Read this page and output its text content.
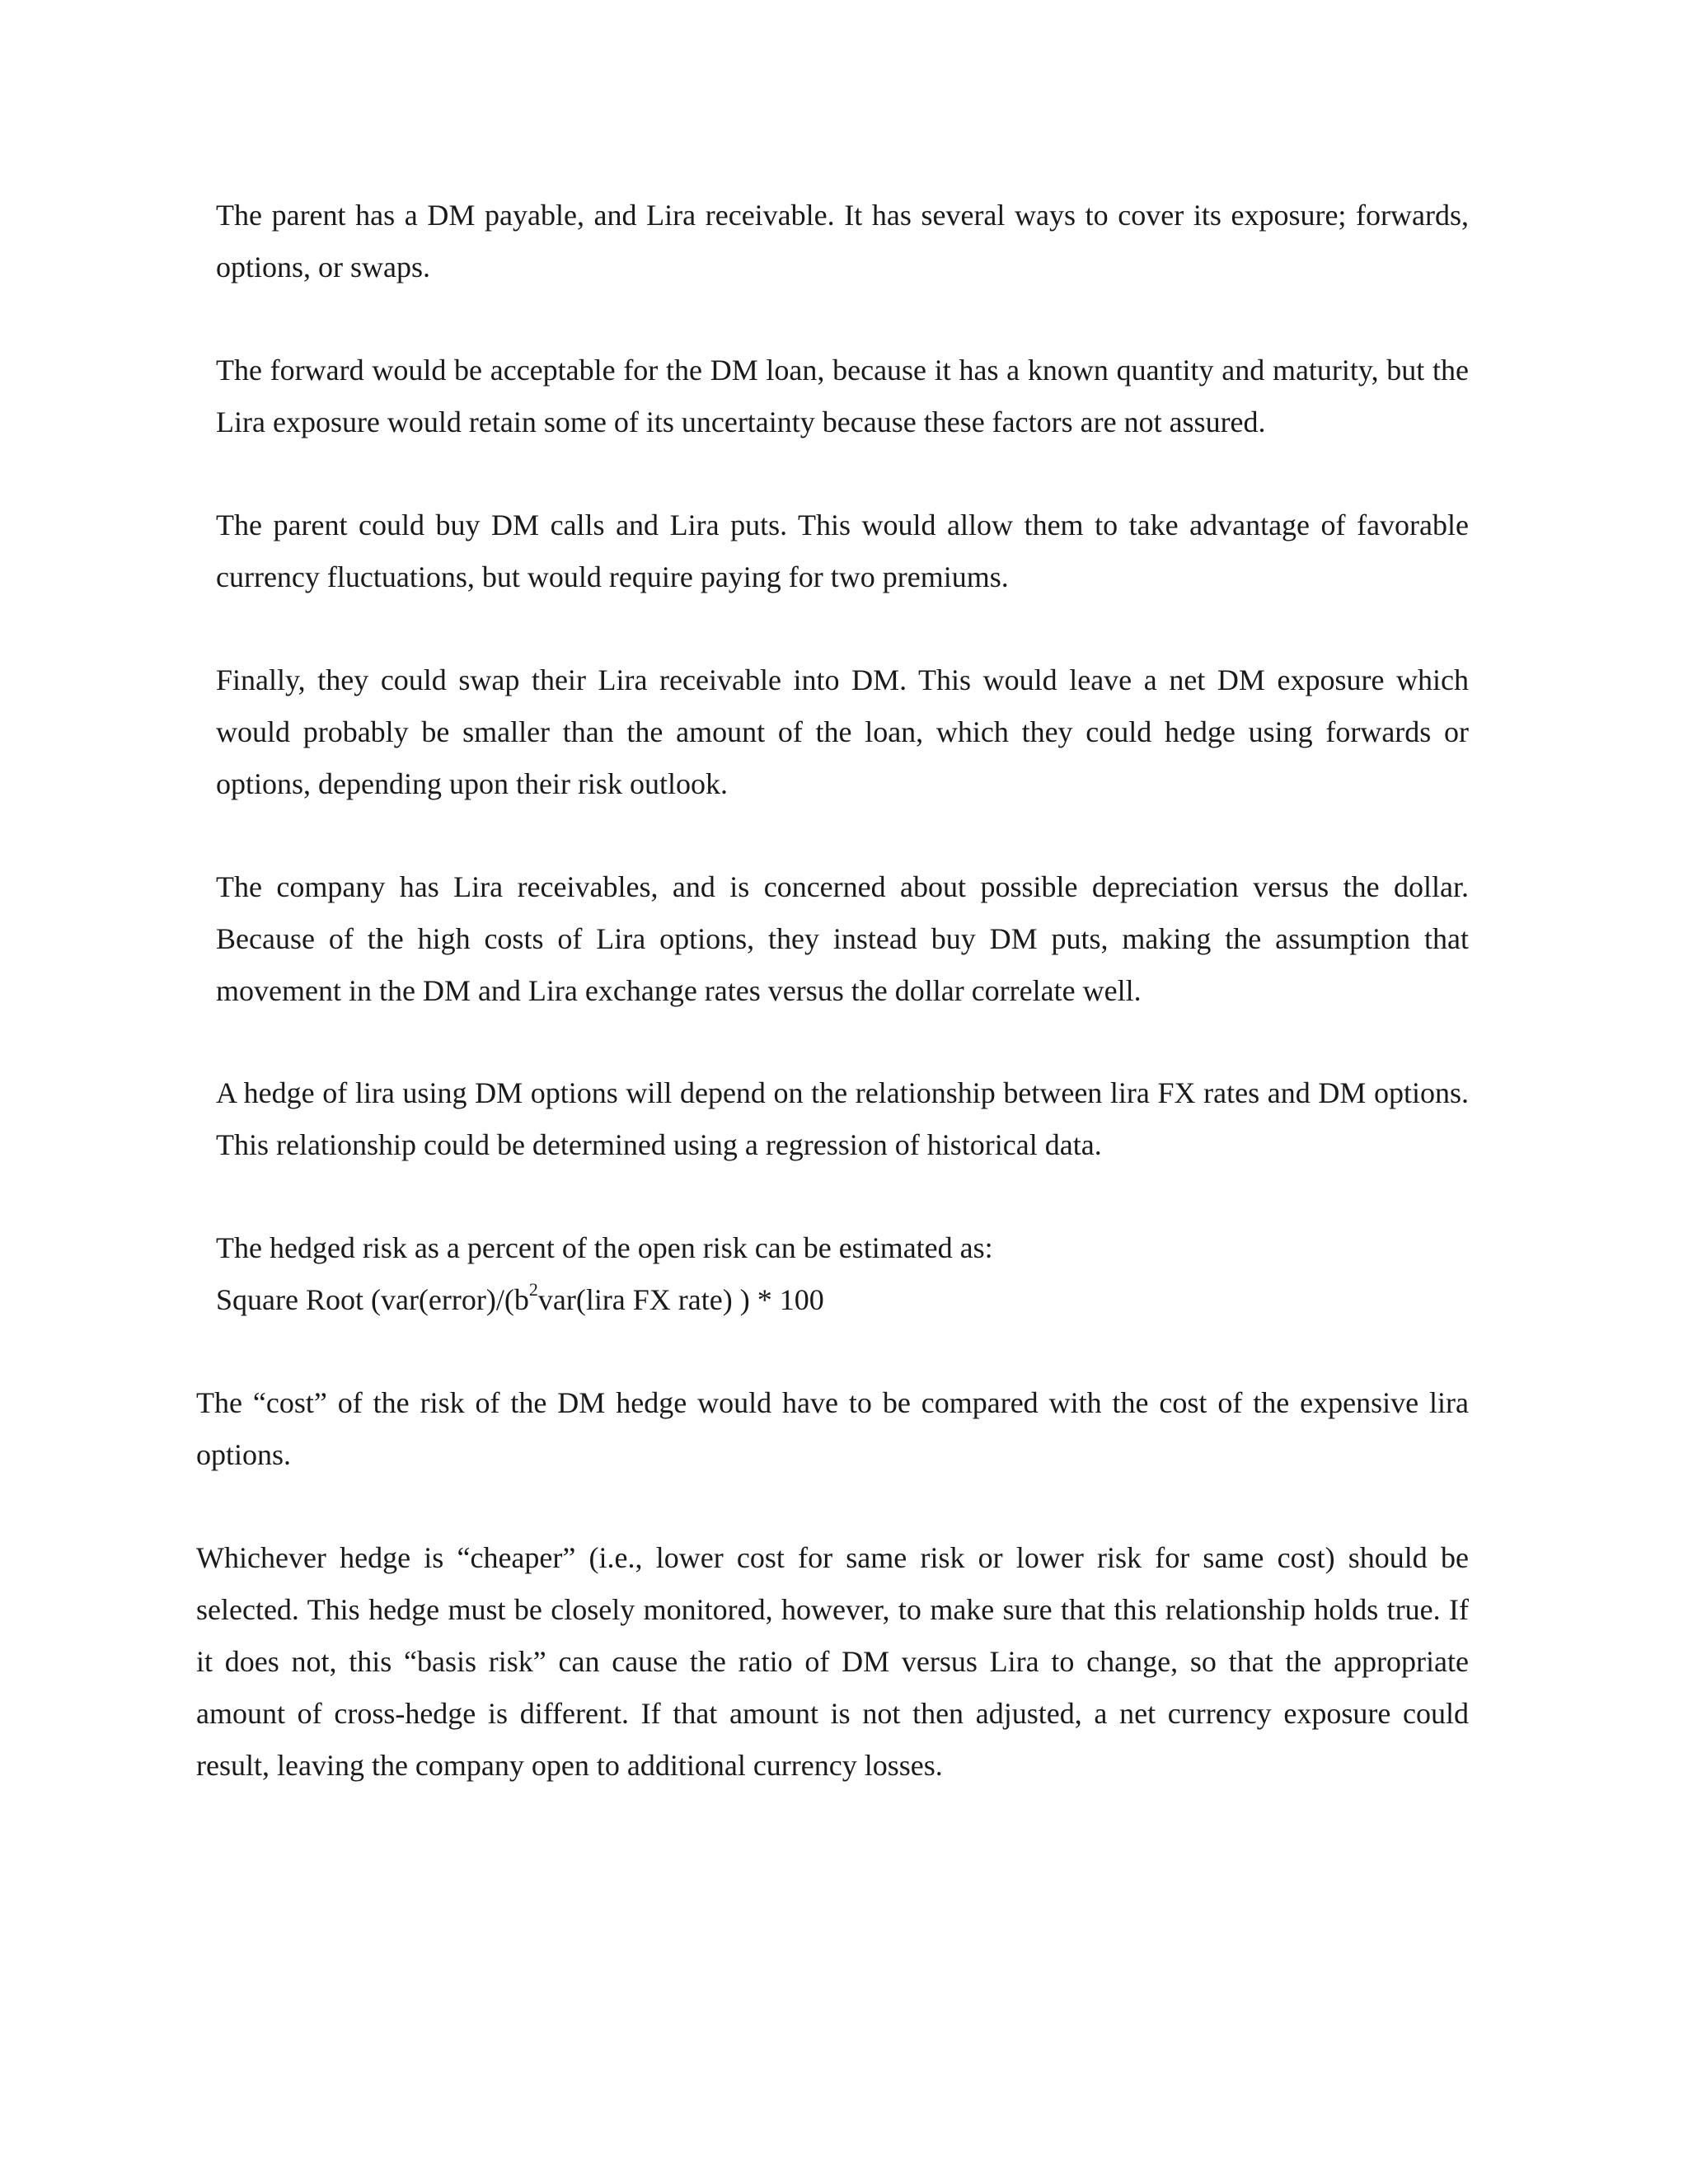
The parent has a DM payable, and Lira receivable. It has several ways to cover its exposure; forwards, options, or swaps.

The forward would be acceptable for the DM loan, because it has a known quantity and maturity, but the Lira exposure would retain some of its uncertainty because these factors are not assured.

The parent could buy DM calls and Lira puts. This would allow them to take advantage of favorable currency fluctuations, but would require paying for two premiums.

Finally, they could swap their Lira receivable into DM. This would leave a net DM exposure which would probably be smaller than the amount of the loan, which they could hedge using forwards or options, depending upon their risk outlook.

The company has Lira receivables, and is concerned about possible depreciation versus the dollar. Because of the high costs of Lira options, they instead buy DM puts, making the assumption that movement in the DM and Lira exchange rates versus the dollar correlate well.

A hedge of lira using DM options will depend on the relationship between lira FX rates and DM options. This relationship could be determined using a regression of historical data.

The hedged risk as a percent of the open risk can be estimated as:
Square Root ($var(error)/(b^2var(lira$ FX rate) ) * 100

The “cost” of the risk of the DM hedge would have to be compared with the cost of the expensive lira options.

Whichever hedge is “cheaper” (i.e., lower cost for same risk or lower risk for same cost) should be selected. This hedge must be closely monitored, however, to make sure that this relationship holds true. If it does not, this “basis risk” can cause the ratio of DM versus Lira to change, so that the appropriate amount of cross-hedge is different. If that amount is not then adjusted, a net currency exposure could result, leaving the company open to additional currency losses.
